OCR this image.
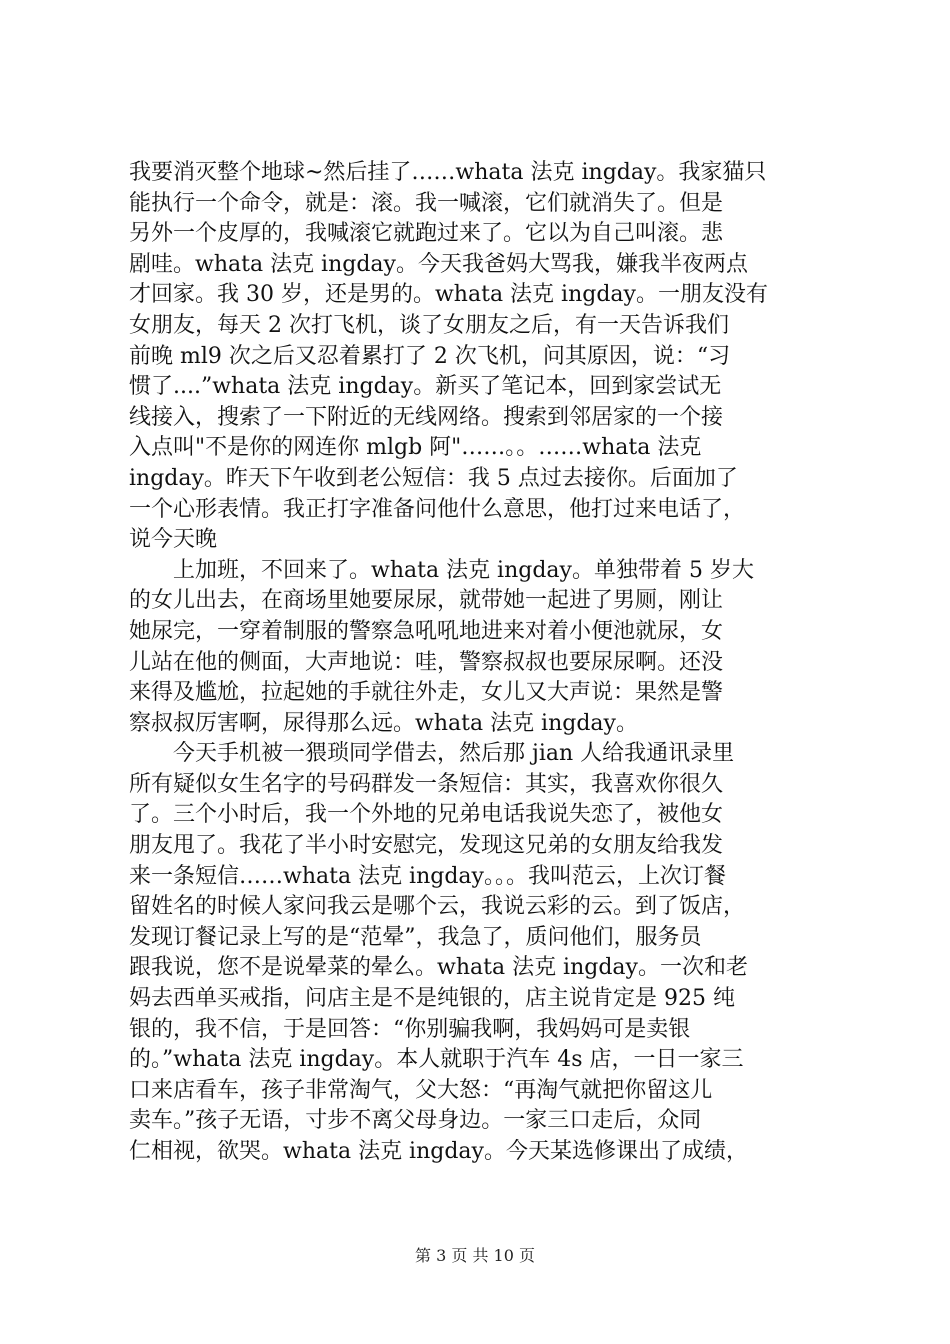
我要消灭整个地球~然后挂了……whata 法克 ingday。我家猫只
能执行一个命令，就是：滚。我一喊滚，它们就消失了。但是
另外一个皮厚的，我喊滚它就跑过来了。它以为自己叫滚。悲
剧哇。whata 法克 ingday。今天我爸妈大骂我，嫌我半夜两点
才回家。我 30 岁，还是男的。whata 法克 ingday。一朋友没有
女朋友，每天 2 次打飞机，谈了女朋友之后，有一天告诉我们
前晚 ml9 次之后又忍着累打了 2 次飞机，问其原因，说：“习
惯了....”whata 法克 ingday。新买了笔记本，回到家尝试无
线接入，搜索了一下附近的无线网络。搜索到邻居家的一个接
入点叫"不是你的网连你 mlgb 阿"……。。……whata 法克
ingday。昨天下午收到老公短信：我 5 点过去接你。后面加了
一个心形表情。我正打字准备问他什么意思，他打过来电话了，
说今天晚
上加班，不回来了。whata 法克 ingday。单独带着 5 岁大
的女儿出去，在商场里她要尿尿，就带她一起进了男厕，刚让
她尿完，一穿着制服的警察急吼吼地进来对着小便池就尿，女
儿站在他的侧面，大声地说：哇，警察叔叔也要尿尿啊。还没
来得及尴尬，拉起她的手就往外走，女儿又大声说：果然是警
察叔叔厉害啊，尿得那么远。whata 法克 ingday。
今天手机被一猥琐同学借去，然后那 jian 人给我通讯录里
所有疑似女生名字的号码群发一条短信：其实，我喜欢你很久
了。三个小时后，我一个外地的兄弟电话我说失恋了，被他女
朋友甩了。我花了半小时安慰完，发现这兄弟的女朋友给我发
来一条短信……whata 法克 ingday。。。我叫范云，上次订餐
留姓名的时候人家问我云是哪个云，我说云彩的云。到了饭店，
发现订餐记录上写的是“范晕”，我急了，质问他们，服务员
跟我说，您不是说晕菜的晕么。whata 法克 ingday。一次和老
妈去西单买戒指，问店主是不是纯银的，店主说肯定是 925 纯
银的，我不信，于是回答：“你别骗我啊，我妈妈可是卖银
的。”whata 法克 ingday。本人就职于汽车 4s 店，一日一家三
口来店看车，孩子非常淘气，父大怒：“再淘气就把你留这儿
卖车。”孩子无语，寸步不离父母身边。一家三口走后，众同
仁相视，欲哭。whata 法克 ingday。今天某选修课出了成绩，
第 3 页 共 10 页
